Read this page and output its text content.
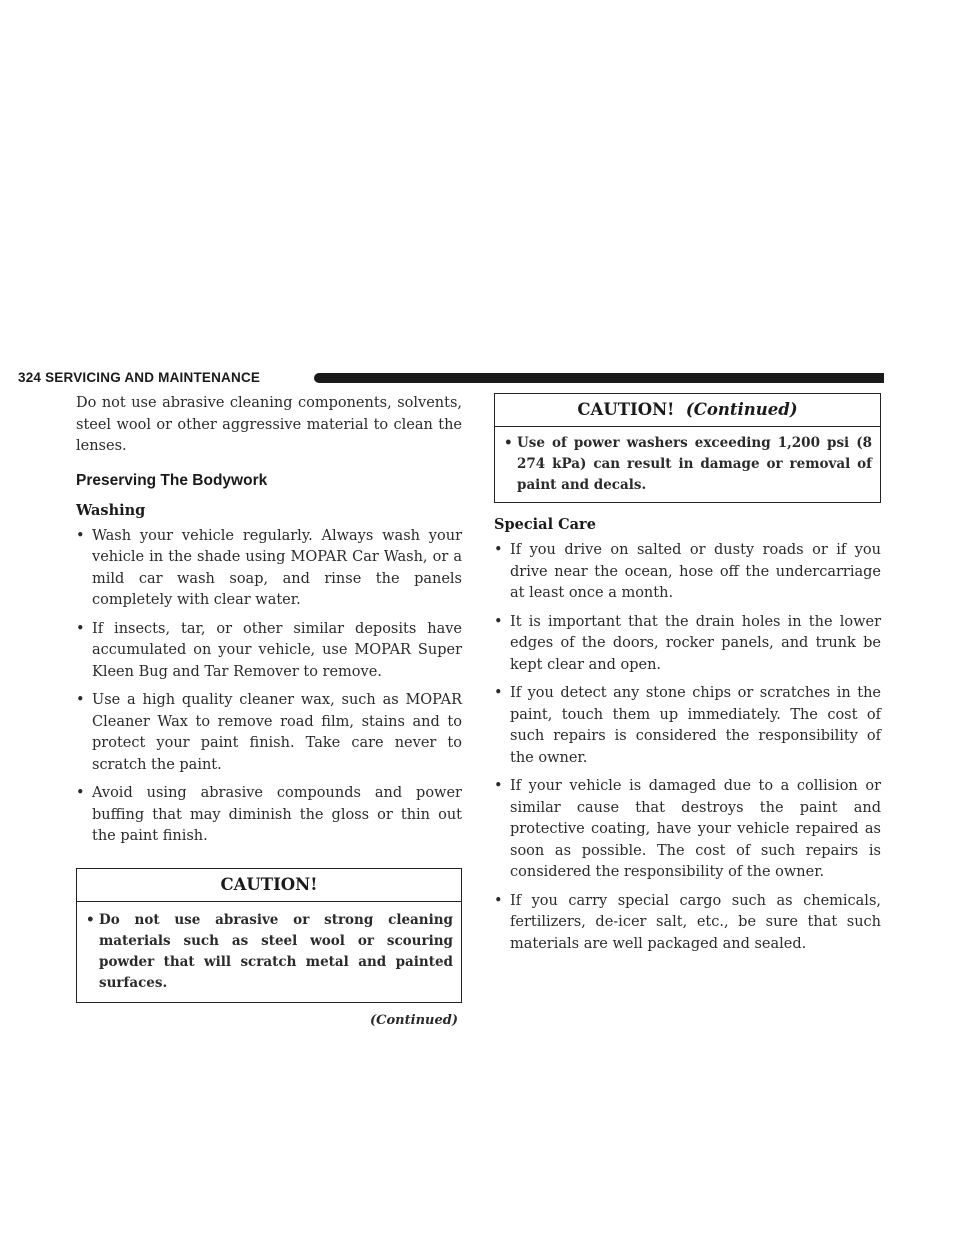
324 SERVICING AND MAINTENANCE

Do not use abrasive cleaning components, solvents, steel wool or other aggressive material to clean the lenses.

Preserving The Bodywork
Washing
• Wash your vehicle regularly. Always wash your vehicle in the shade using MOPAR Car Wash, or a mild car wash soap, and rinse the panels completely with clear water.
• If insects, tar, or other similar deposits have accumulated on your vehicle, use MOPAR Super Kleen Bug and Tar Remover to remove.
• Use a high quality cleaner wax, such as MOPAR Cleaner Wax to remove road film, stains and to protect your paint finish. Take care never to scratch the paint.
• Avoid using abrasive compounds and power buffing that may diminish the gloss or thin out the paint finish.
CAUTION!
• Do not use abrasive or strong cleaning materials such as steel wool or scouring powder that will scratch metal and painted surfaces.
(Continued)
CAUTION! (Continued)
• Use of power washers exceeding 1,200 psi (8 274 kPa) can result in damage or removal of paint and decals.
Special Care
• If you drive on salted or dusty roads or if you drive near the ocean, hose off the undercarriage at least once a month.
• It is important that the drain holes in the lower edges of the doors, rocker panels, and trunk be kept clear and open.
• If you detect any stone chips or scratches in the paint, touch them up immediately. The cost of such repairs is considered the responsibility of the owner.
• If your vehicle is damaged due to a collision or similar cause that destroys the paint and protective coating, have your vehicle repaired as soon as possible. The cost of such repairs is considered the responsibility of the owner.
• If you carry special cargo such as chemicals, fertilizers, de-icer salt, etc., be sure that such materials are well packaged and sealed.
